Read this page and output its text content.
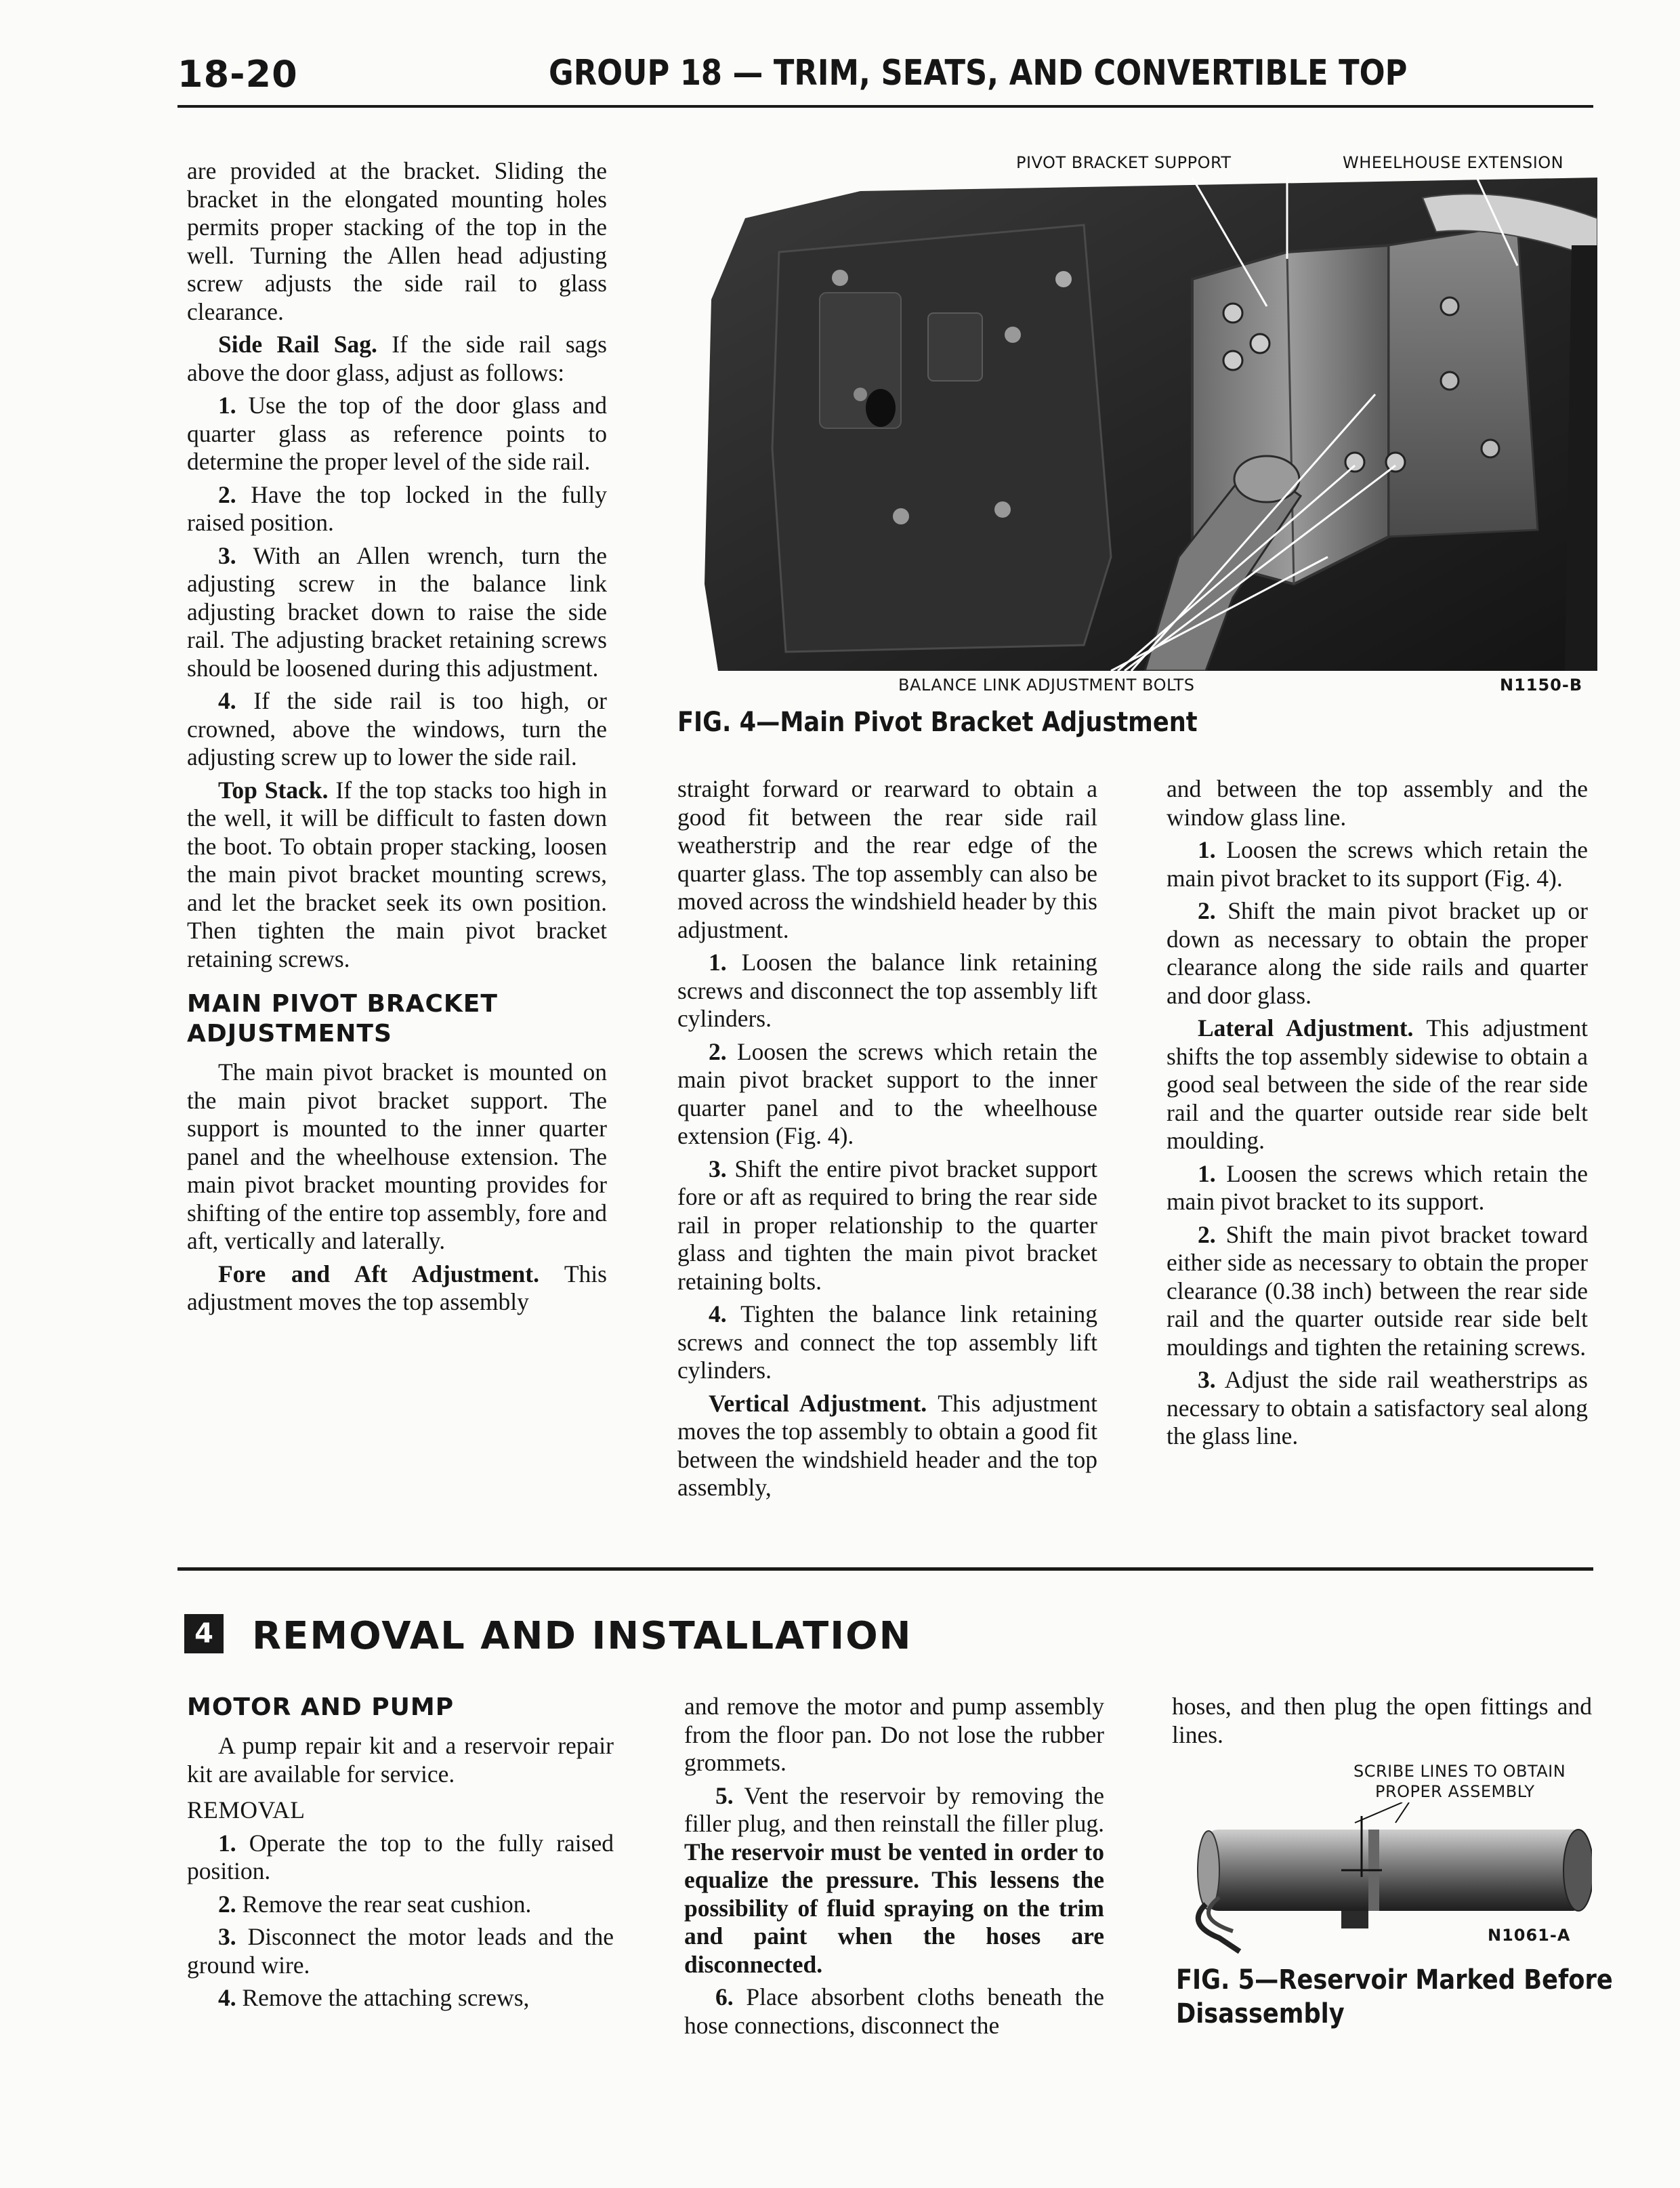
18-20	GROUP 18 — TRIM, SEATS, AND CONVERTIBLE TOP

are provided at the bracket. Sliding the bracket in the elongated mounting holes permits proper stacking of the top in the well. Turning the Allen head adjusting screw adjusts the side rail to glass clearance.

Side Rail Sag. If the side rail sags above the door glass, adjust as follows:

1. Use the top of the door glass and quarter glass as reference points to determine the proper level of the side rail.

2. Have the top locked in the fully raised position.

3. With an Allen wrench, turn the adjusting screw in the balance link adjusting bracket down to raise the side rail. The adjusting bracket retaining screws should be loosened during this adjustment.

4. If the side rail is too high, or crowned, above the windows, turn the adjusting screw up to lower the side rail.

Top Stack. If the top stacks too high in the well, it will be difficult to fasten down the boot. To obtain proper stacking, loosen the main pivot bracket mounting screws, and let the bracket seek its own position. Then tighten the main pivot bracket retaining screws.

MAIN PIVOT BRACKET ADJUSTMENTS

The main pivot bracket is mounted on the main pivot bracket support. The support is mounted to the inner quarter panel and the wheelhouse extension. The main pivot bracket mounting provides for shifting of the entire top assembly, fore and aft, vertically and laterally.

Fore and Aft Adjustment. This adjustment moves the top assembly

PIVOT BRACKET SUPPORT	WHEELHOUSE EXTENSION
BALANCE LINK ADJUSTMENT BOLTS	N1150-B
FIG. 4—Main Pivot Bracket Adjustment

straight forward or rearward to obtain a good fit between the rear side rail weatherstrip and the rear edge of the quarter glass. The top assembly can also be moved across the windshield header by this adjustment.

1. Loosen the balance link retaining screws and disconnect the top assembly lift cylinders.

2. Loosen the screws which retain the main pivot bracket support to the inner quarter panel and to the wheelhouse extension (Fig. 4).

3. Shift the entire pivot bracket support fore or aft as required to bring the rear side rail in proper relationship to the quarter glass and tighten the main pivot bracket retaining bolts.

4. Tighten the balance link retaining screws and connect the top assembly lift cylinders.

Vertical Adjustment. This adjustment moves the top assembly to obtain a good fit between the windshield header and the top assembly,

and between the top assembly and the window glass line.

1. Loosen the screws which retain the main pivot bracket to its support (Fig. 4).

2. Shift the main pivot bracket up or down as necessary to obtain the proper clearance along the side rails and quarter and door glass.

Lateral Adjustment. This adjustment shifts the top assembly sidewise to obtain a good seal between the side of the rear side rail and the quarter outside rear side belt moulding.

1. Loosen the screws which retain the main pivot bracket to its support.

2. Shift the main pivot bracket toward either side as necessary to obtain the proper clearance (0.38 inch) between the rear side rail and the quarter outside rear side belt mouldings and tighten the retaining screws.

3. Adjust the side rail weatherstrips as necessary to obtain a satisfactory seal along the glass line.

4 REMOVAL AND INSTALLATION
MOTOR AND PUMP

A pump repair kit and a reservoir repair kit are available for service.

REMOVAL

1. Operate the top to the fully raised position.

2. Remove the rear seat cushion.

3. Disconnect the motor leads and the ground wire.

4. Remove the attaching screws,

and remove the motor and pump assembly from the floor pan. Do not lose the rubber grommets.

5. Vent the reservoir by removing the filler plug, and then reinstall the filler plug. The reservoir must be vented in order to equalize the pressure. This lessens the possibility of fluid spraying on the trim and paint when the hoses are disconnected.

6. Place absorbent cloths beneath the hose connections, disconnect the

hoses, and then plug the open fittings and lines.

SCRIBE LINES TO OBTAIN
PROPER ASSEMBLY
N1061-A
FIG. 5—Reservoir Marked Before
Disassembly
